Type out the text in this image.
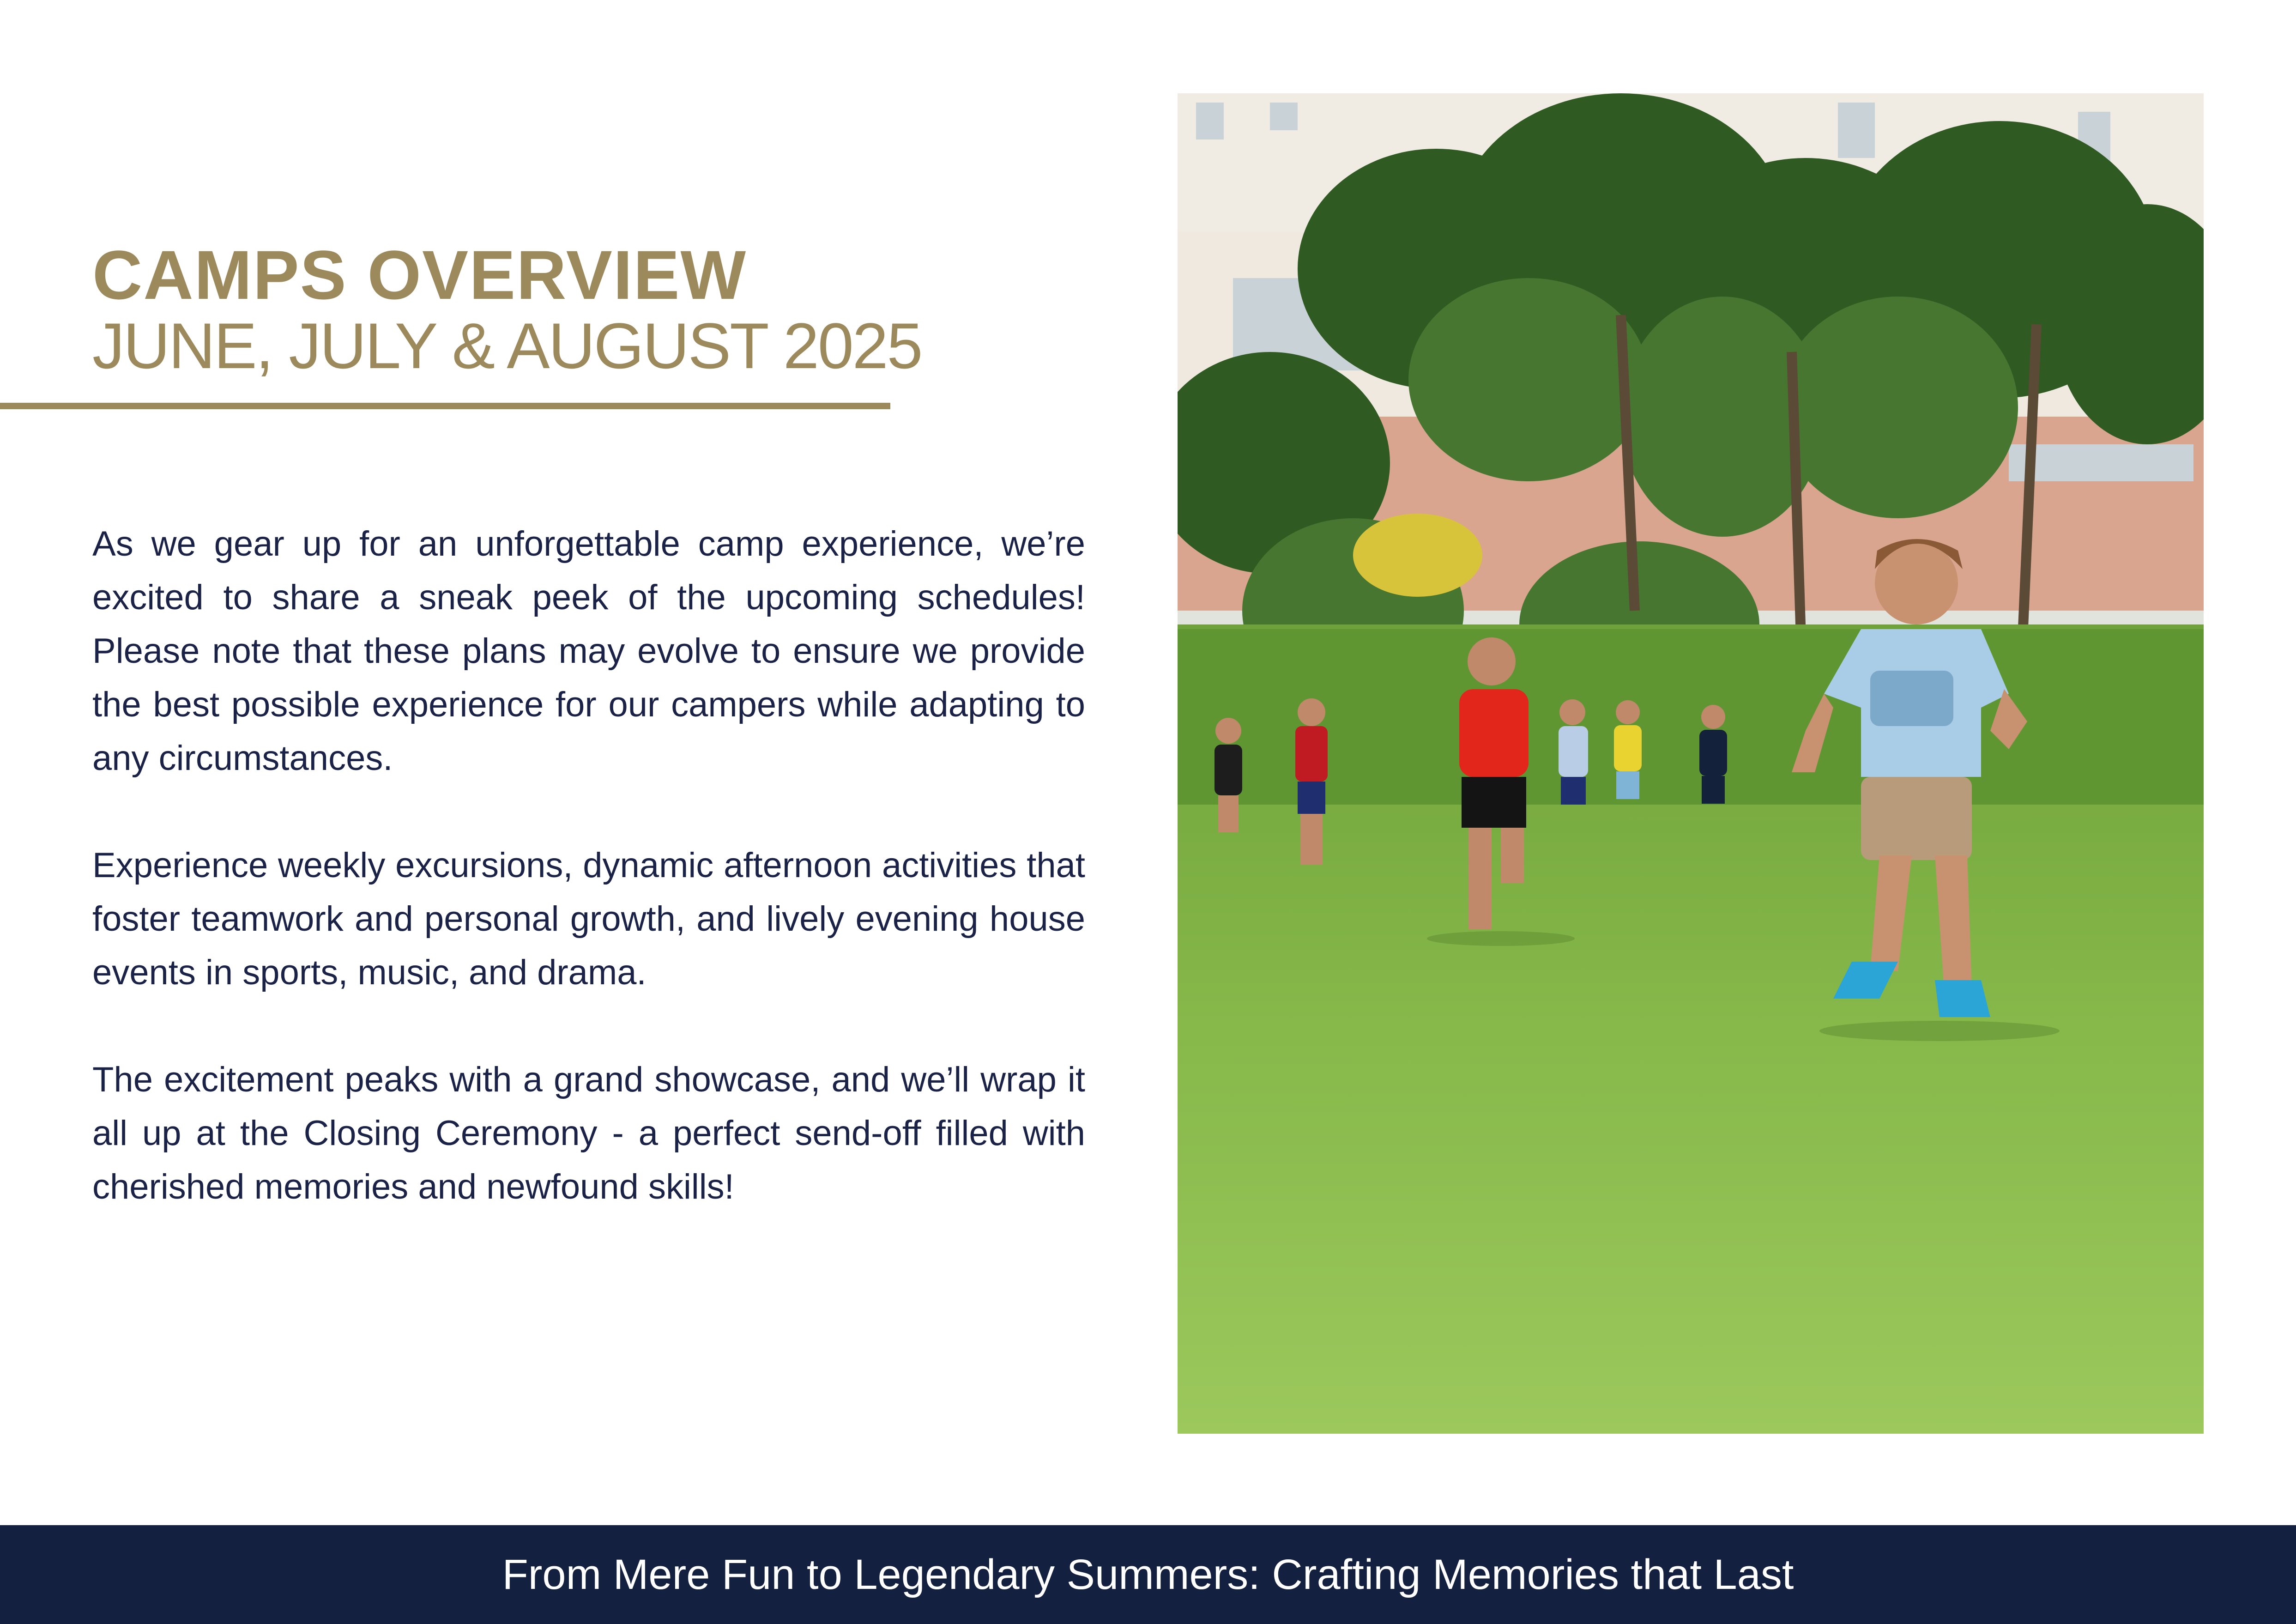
CAMPS OVERVIEW
JUNE, JULY & AUGUST 2025

As we gear up for an unforgettable camp experience, we’re excited to share a sneak peek of the upcoming schedules! Please note that these plans may evolve to ensure we provide the best possible experience for our campers while adapting to any circumstances.

Experience weekly excursions, dynamic afternoon activities that foster teamwork and personal growth, and lively evening house events in sports, music, and drama.

The excitement peaks with a grand showcase, and we’ll wrap it all up at the Closing Ceremony - a perfect send-off filled with cherished memories and newfound skills!

From Mere Fun to Legendary Summers: Crafting Memories that Last
